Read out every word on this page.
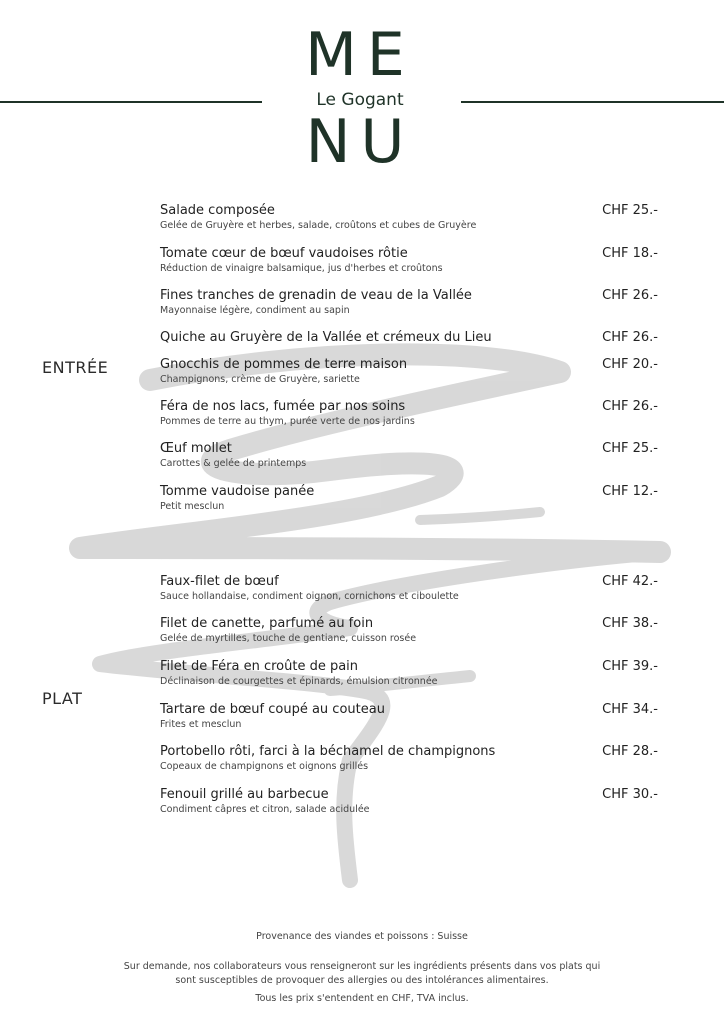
ME
Le Gogant
NU
ENTRÉE
PLAT
Salade composée
Gelée de Gruyère et herbes, salade, croûtons et cubes de Gruyère
CHF 25.-
Tomate cœur de bœuf vaudoises rôtie
Réduction de vinaigre balsamique, jus d'herbes et croûtons
CHF 18.-
Fines tranches de grenadin de veau de la Vallée
Mayonnaise légère, condiment au sapin
CHF 26.-
Quiche au Gruyère de la Vallée et crémeux du Lieu	CHF 26.-
Gnocchis de pommes de terre maison
Champignons, crème de Gruyère, sariette
CHF 20.-
Féra de nos lacs, fumée par nos soins
Pommes de terre au thym, purée verte de nos jardins
CHF 26.-
Œuf mollet
Carottes & gelée de printemps
CHF 25.-
Tomme vaudoise panée
Petit mesclun
CHF 12.-
Faux-filet de bœuf
Sauce hollandaise, condiment oignon, cornichons et ciboulette
CHF 42.-
Filet de canette, parfumé au foin
Gelée de myrtilles, touche de gentiane, cuisson rosée
CHF 38.-
Filet de Féra en croûte de pain
Déclinaison de courgettes et épinards, émulsion citronnée
CHF 39.-
Tartare de bœuf coupé au couteau
Frites et mesclun
CHF 34.-
Portobello rôti, farci à la béchamel de champignons
Copeaux de champignons et oignons grillés
CHF 28.-
Fenouil grillé au barbecue
Condiment câpres et citron, salade acidulée
CHF 30.-
Provenance des viandes et poissons : Suisse
Sur demande, nos collaborateurs vous renseigneront sur les ingrédients présents dans vos plats qui
sont susceptibles de provoquer des allergies ou des intolérances alimentaires.
Tous les prix s'entendent en CHF, TVA inclus.
